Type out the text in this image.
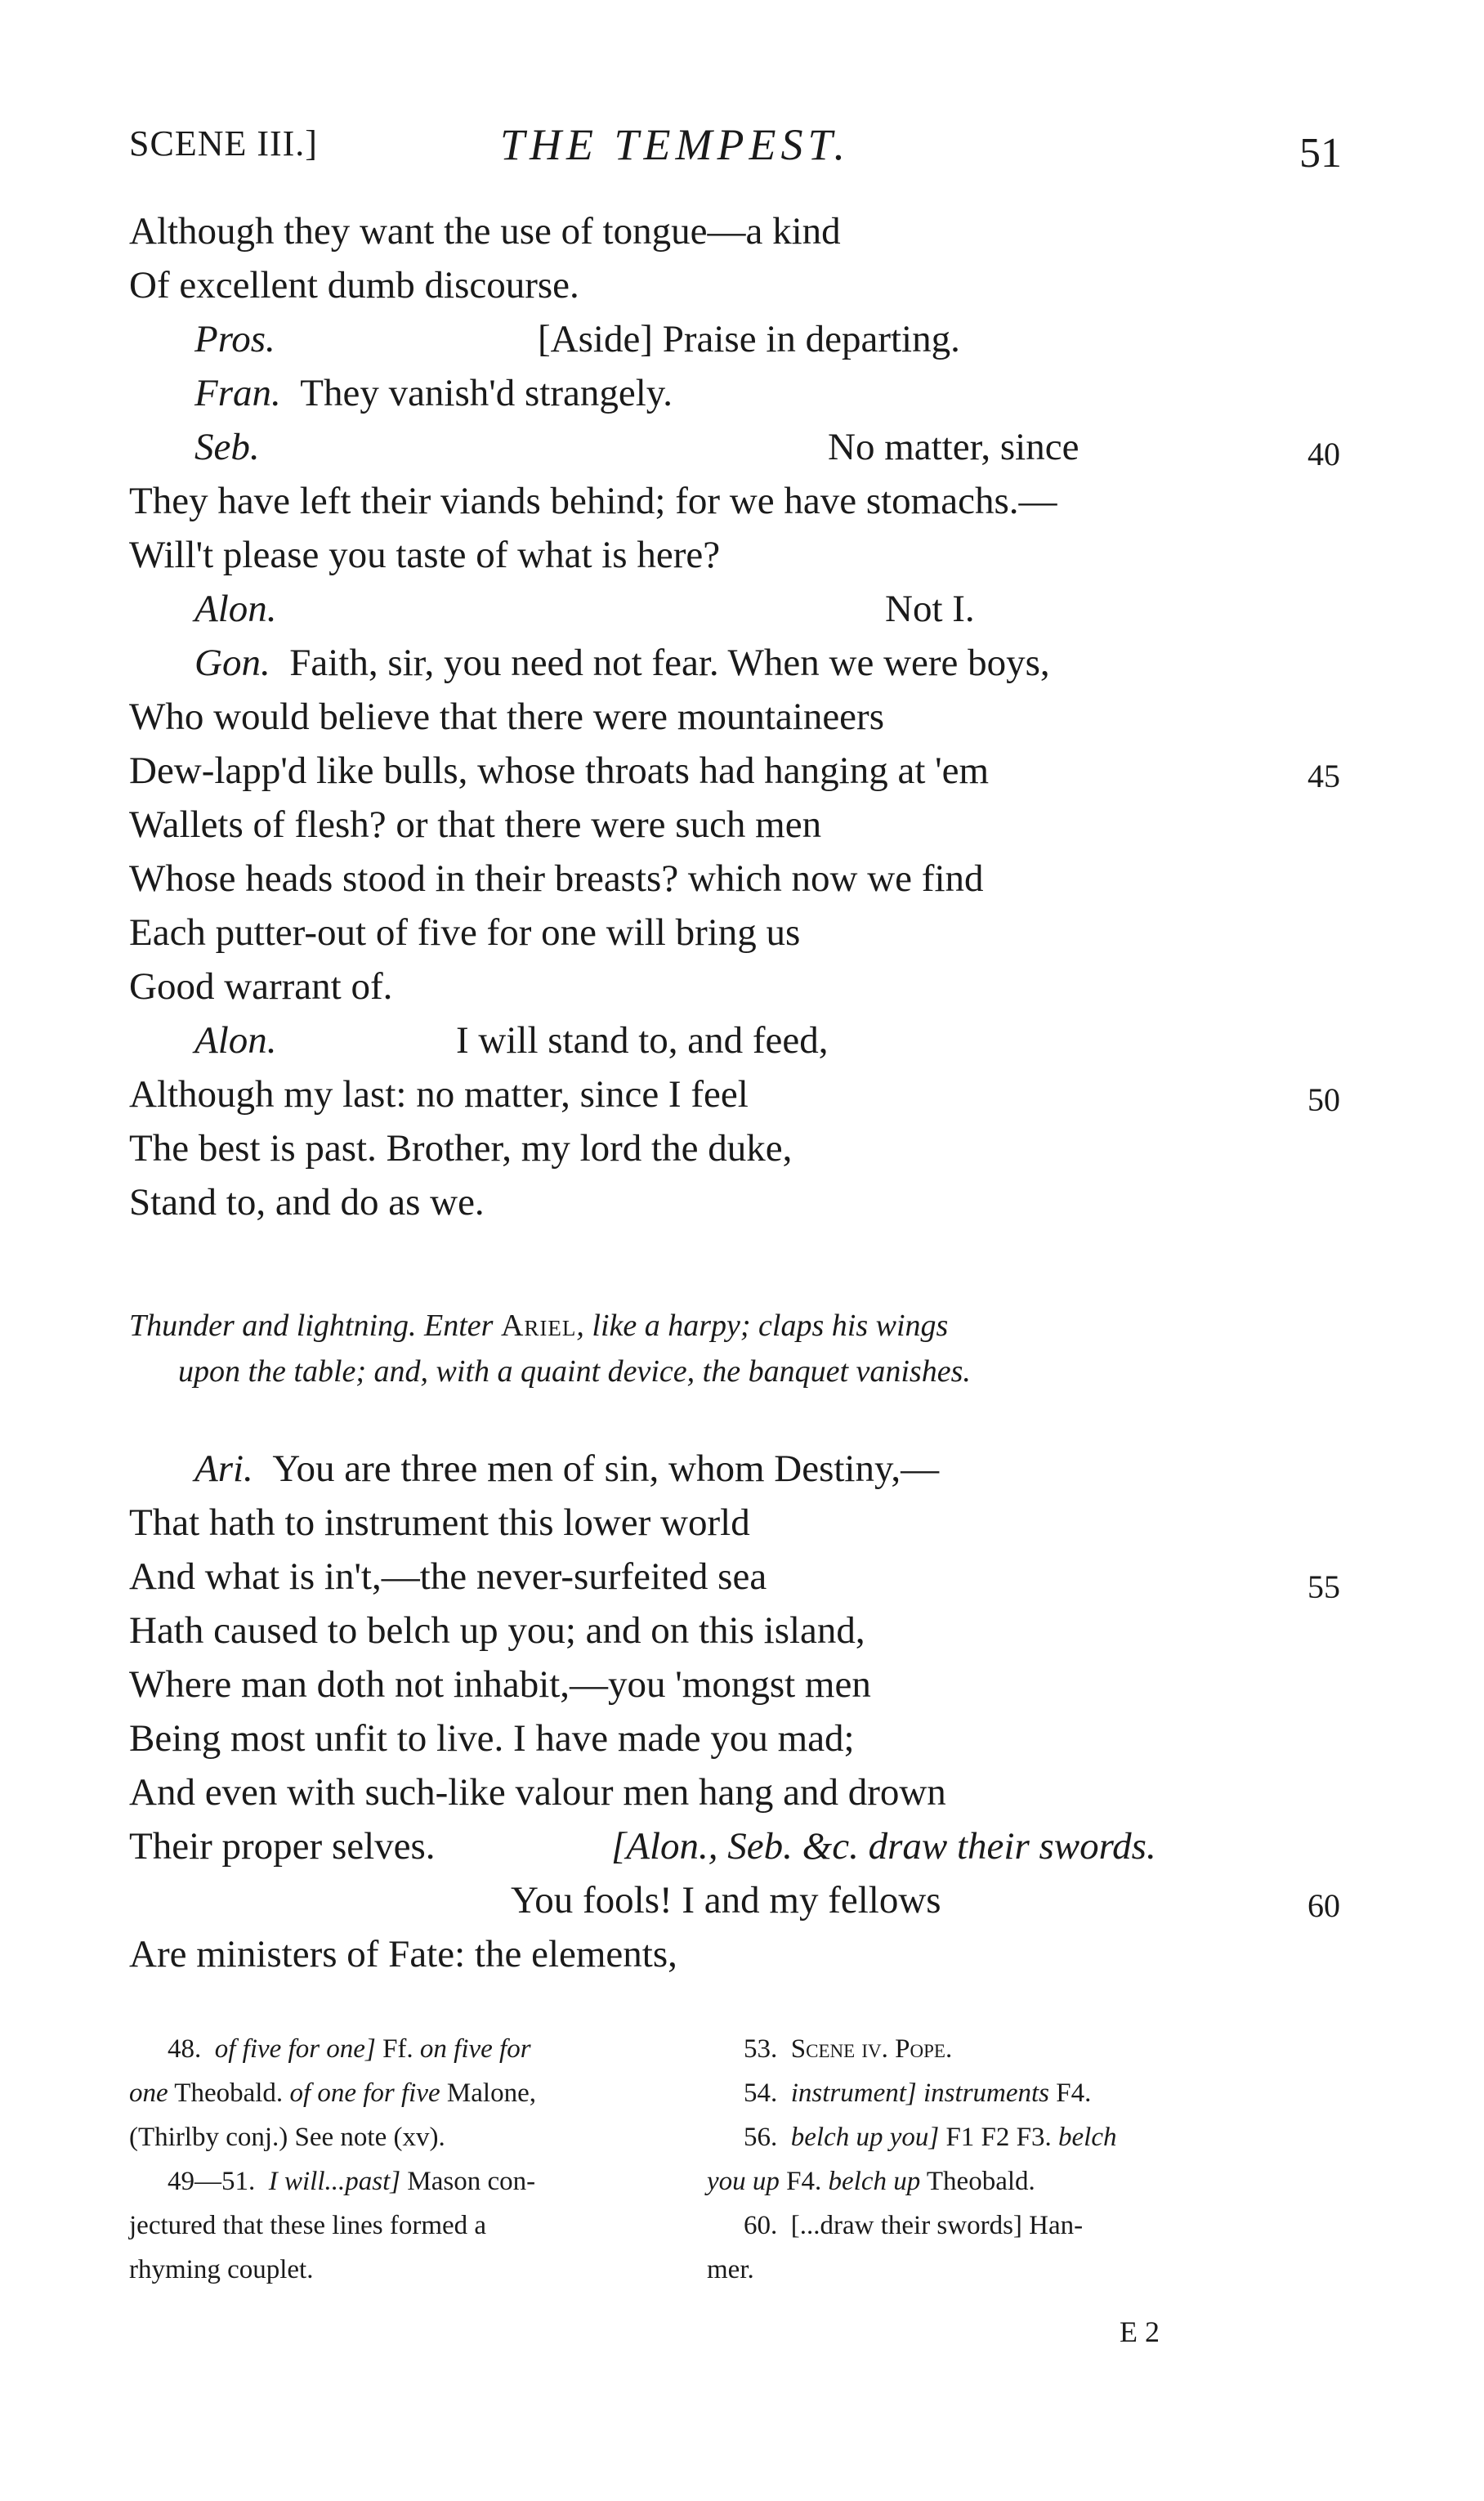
SCENE III.]	THE TEMPEST.	51
Although they want the use of tongue—a kind
Of excellent dumb discourse.
Pros.	[Aside] Praise in departing.
Fran. They vanish'd strangely.
Seb.	No matter, since	40
They have left their viands behind; for we have stomachs.—
Will't please you taste of what is here?
Alon.	Not I.
Gon. Faith, sir, you need not fear. When we were boys,
Who would believe that there were mountaineers
Dew-lapp'd like bulls, whose throats had hanging at 'em	45
Wallets of flesh? or that there were such men
Whose heads stood in their breasts? which now we find
Each putter-out of five for one will bring us
Good warrant of.
Alon.	I will stand to, and feed,
Although my last: no matter, since I feel	50
The best is past. Brother, my lord the duke,
Stand to, and do as we.
Thunder and lightning. Enter Ariel, like a harpy; claps his wings
upon the table; and, with a quaint device, the banquet vanishes.
Ari. You are three men of sin, whom Destiny,—
That hath to instrument this lower world
And what is in't,—the never-surfeited sea	55
Hath caused to belch up you; and on this island,
Where man doth not inhabit,—you 'mongst men
Being most unfit to live. I have made you mad;
And even with such-like valour men hang and drown
Their proper selves.	[Alon., Seb. &c. draw their swords.
You fools! I and my fellows	60
Are ministers of Fate: the elements,
48. of five for one] Ff. on five for
one Theobald. of one for five Malone,
(Thirlby conj.) See note (xv).
49—51. I will...past] Mason con-
jectured that these lines formed a
rhyming couplet.
53. Scene iv. Pope.
54. instrument] instruments F4.
56. belch up you] F1 F2 F3. belch
you up F4. belch up Theobald.
60. [...draw their swords] Han-
mer.
E 2
